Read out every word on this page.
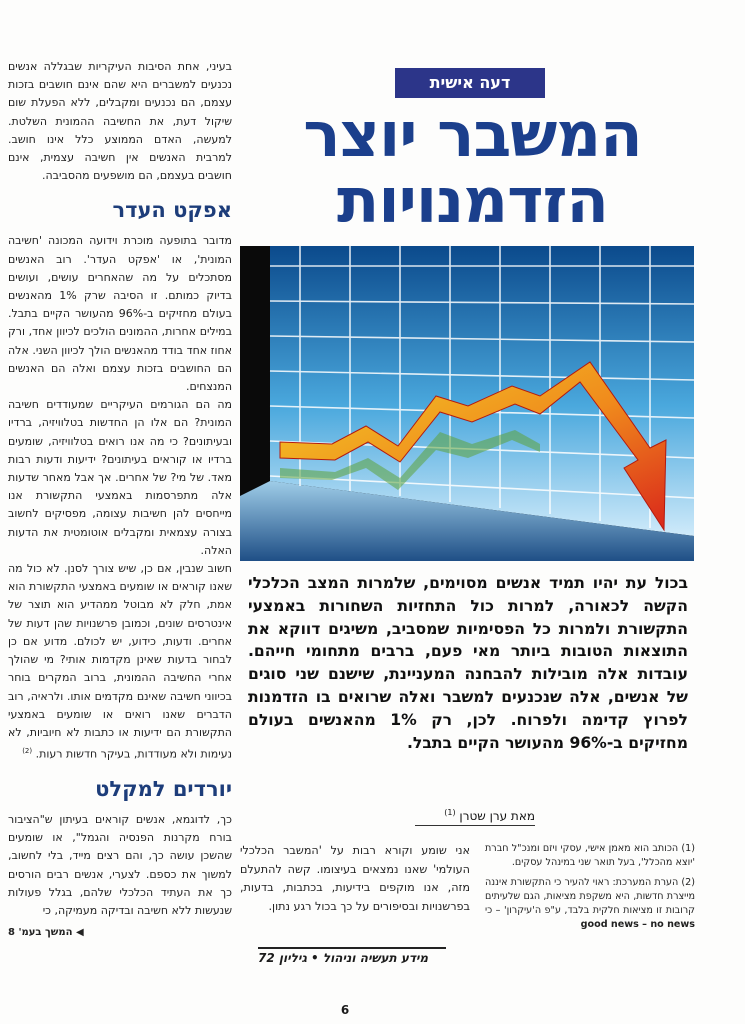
בעיני, אחת הסיבות העיקריות שבגללה אנשים נכנעים למשברים היא שהם אינם חושבים בזכות עצמם, הם נכנעים ומקבלים, ללא הפעלת שום שיקול דעת, את החשיבה ההמונית השלטת. למעשה, האדם הממוצע כלל אינו חושב. למרבית האנשים אין חשיבה עצמית, אינם חושבים בעצמם, הם מושפעים מהסביבה.

אפקט העדר

מדובר בתופעה מוכרת וידועה המכונה 'חשיבה המונית', או 'אפקט העדר'. רוב האנשים מסתכלים על מה שהאחרים עושים, ועושים בדיוק כמותם. זו הסיבה שרק 1% מהאנשים בעולם מחזיקים ב-96% מהעושר הקיים בתבל. במילים אחרות, ההמונים הולכים לכיוון אחד, ורק אחוז אחד בודד מהאנשים הולך לכיוון השני. אלה הם החושבים בזכות עצמם ואלה הם האנשים המנצחים.

מה הם הגורמים העיקריים שמעודדים חשיבה המונית? הם אלו הן החדשות בטלוויזיה, ברדיו ובעיתונים? כי מה אנו רואים בטלוויזיה, שומעים ברדיו או קוראים בעיתונים? ידיעות ודעות רבות מאד. של מי? של אחרים. אך אבל מאחר שדעות אלה מתפרסמות באמצעי התקשורת אנו מייחסים להן חשיבות עצומה, מפסיקים לחשוב בצורה עצמאית ומקבלים אוטומטית את הדעות האלה.

חשוב שנבין, אם כן, שיש צורך לסנן. לא כול מה שאנו קוראים או שומעים באמצעי התקשורת הוא אמת, חלק לא מבוטל ממהדיע הוא תוצר של אינטרסים שונים, וכמובן פרשנויות שהן דעות של אחרים. ודעות, כידוע, יש לכולם. מדוע אם כן לבחור בדעות שאינן מקדמות אותי? מי שהולך אחרי החשיבה ההמונית, ברוב המקרים בוחר בכיווני חשיבה שאינם מקדמים אותו. ולראיה, רוב הדברים שאנו רואים או שומעים באמצעי התקשורת הם ידיעות או כתבות לא חיוביות, לא נעימות ולא מעודדות, בעיקר חדשות רעות. $^{(2)}$

יורדים למקלט

כך, לדוגמא, אנשים קוראים בעיתון ש"הציבור בורח מקרנות הפנסיה והגמל", או שומעים שהשכן עושה כך, והם רצים מייד, בלי לחשוב, למשוך את כספם. לצערי, אנשים רבים הורסים כך את העתיד הכלכלי שלהם, בגלל פעולות שנעשות ללא חשיבה ובדיקה מעמיקה, כי

◀ המשך בעמ' 8
דעה אישית
המשבר יוצר
הזדמנויות
בכול עת יהיו תמיד אנשים מסוימים, שלמרות המצב הכלכלי הקשה לכאורה, למרות כול התחזיות השחורות באמצעי התקשורת ולמרות כל הפסימיות שמסביב, משיגים דווקא את התוצאות הטובות ביותר מאי פעם, ברבים מתחומי חייהם. עובדות אלה מובילות להבחנה המעניינת, שישנם שני סוגים של אנשים, אלה שנכנעים למשבר ואלה שרואים בו הזדמנות לפרוץ קדימה ולפרוח. לכן, רק 1% מהאנשים בעולם מחזיקים ב-96% מהעושר הקיים בתבל.
מאת ערן שטרן $^{(1)}$
אני שומע וקורא רבות על 'המשבר הכלכלי העולמי' שאנו נמצאים בעיצומו. קשה להתעלם מזה, אנו מוקפים בידיעות, בכתבות, בדעות, בפרשנויות ובסיפורים על כך בכול רגע נתון.

(1) הכותב הוא מאמן אישי, עסקי ויזם ומנכ"ל חברת 'יוצא מהכלל', בעל תואר שני במינהל עסקים.

(2) הערת המערכת: ראוי להעיר כי התקשורת איננה מייצרת חדשות, היא משקפת מציאות, הגם שלעיתים קרובות זו מציאות חלקית בלבד, ע"פ ה'עיקרון' – כי good news – no news

מידע תעשיה וניהול • גיליון 72
6
